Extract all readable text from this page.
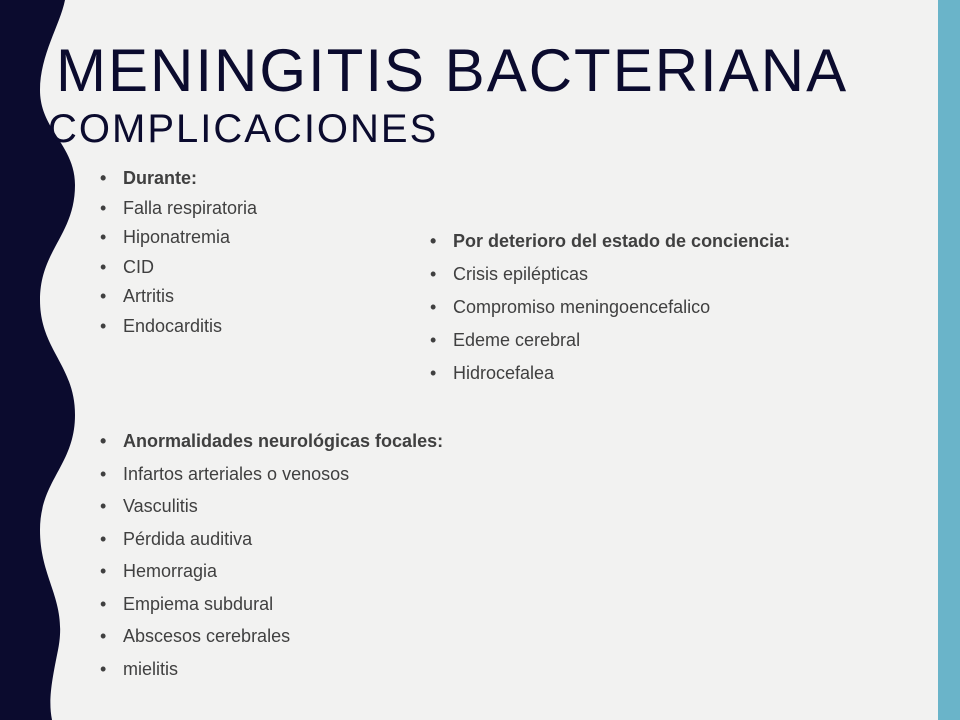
MENINGITIS BACTERIANA
COMPLICACIONES
• Durante:
• Falla respiratoria
• Hiponatremia
• CID
• Artritis
• Endocarditis
• Por deterioro del estado de conciencia:
• Crisis epilépticas
• Compromiso meningoencefalico
• Edeme cerebral
• Hidrocefalea
• Anormalidades neurológicas focales:
• Infartos arteriales o venosos
• Vasculitis
• Pérdida auditiva
• Hemorragia
• Empiema subdural
• Abscesos cerebrales
• mielitis
